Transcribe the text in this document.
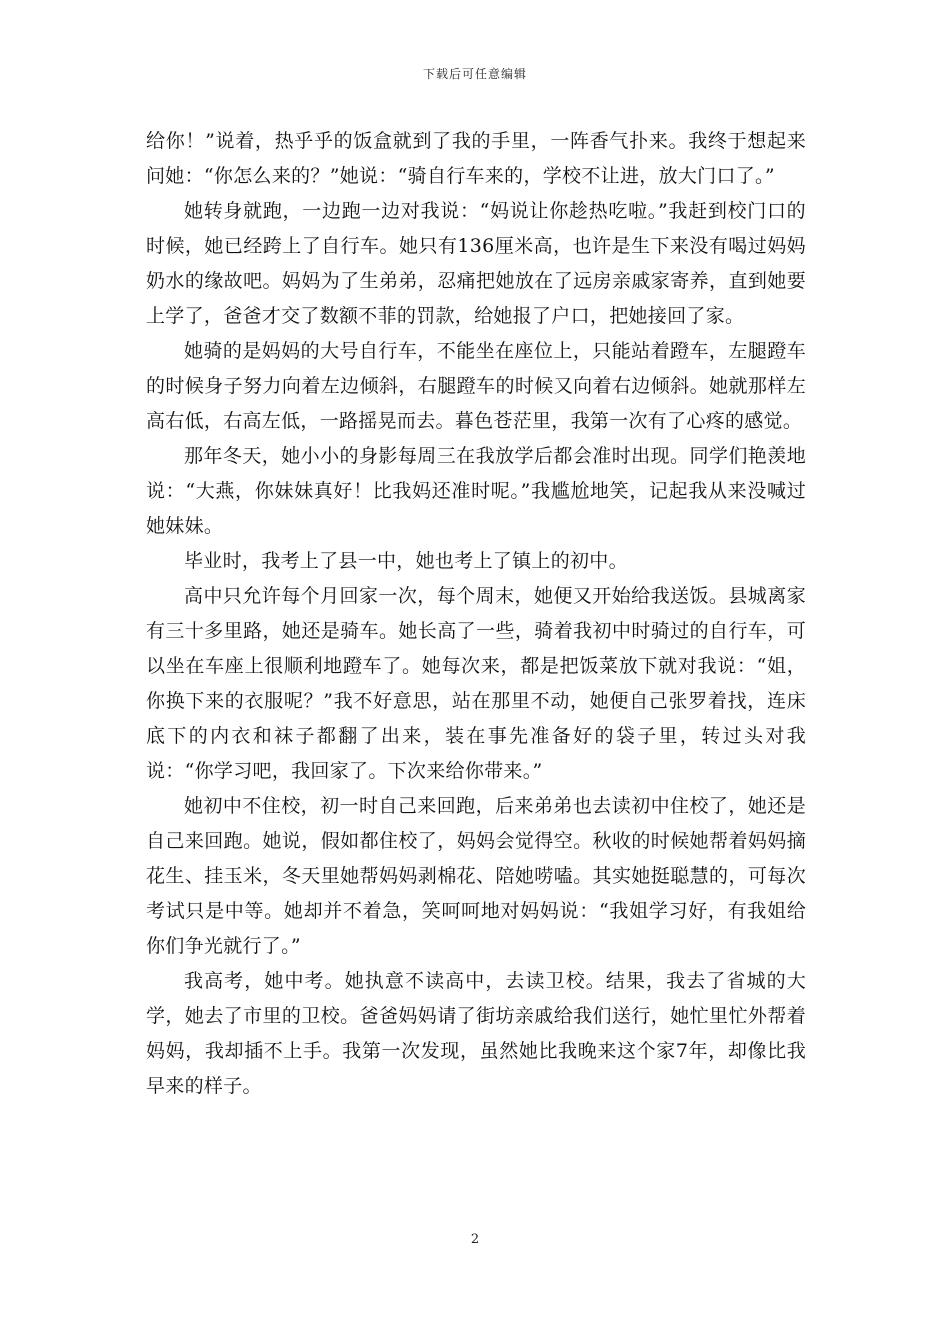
下载后可任意编辑

给你！”说着，热乎乎的饭盒就到了我的手里，一阵香气扑来。我终于想起来问她：“你怎么来的？”她说：“骑自行车来的，学校不让进，放大门口了。”

她转身就跑，一边跑一边对我说：“妈说让你趁热吃啦。”我赶到校门口的时候，她已经跨上了自行车。她只有136厘米高，也许是生下来没有喝过妈妈奶水的缘故吧。妈妈为了生弟弟，忍痛把她放在了远房亲戚家寄养，直到她要上学了，爸爸才交了数额不菲的罚款，给她报了户口，把她接回了家。

她骑的是妈妈的大号自行车，不能坐在座位上，只能站着蹬车，左腿蹬车的时候身子努力向着左边倾斜，右腿蹬车的时候又向着右边倾斜。她就那样左高右低，右高左低，一路摇晃而去。暮色苍茫里，我第一次有了心疼的感觉。

那年冬天，她小小的身影每周三在我放学后都会准时出现。同学们艳羡地说：“大燕，你妹妹真好！比我妈还准时呢。”我尴尬地笑，记起我从来没喊过她妹妹。

毕业时，我考上了县一中，她也考上了镇上的初中。

高中只允许每个月回家一次，每个周末，她便又开始给我送饭。县城离家有三十多里路，她还是骑车。她长高了一些，骑着我初中时骑过的自行车，可以坐在车座上很顺利地蹬车了。她每次来，都是把饭菜放下就对我说：“姐，你换下来的衣服呢？”我不好意思，站在那里不动，她便自己张罗着找，连床底下的内衣和袜子都翻了出来，装在事先准备好的袋子里，转过头对我说：“你学习吧，我回家了。下次来给你带来。”

她初中不住校，初一时自己来回跑，后来弟弟也去读初中住校了，她还是自己来回跑。她说，假如都住校了，妈妈会觉得空。秋收的时候她帮着妈妈摘花生、挂玉米，冬天里她帮妈妈剥棉花、陪她唠嗑。其实她挺聪慧的，可每次考试只是中等。她却并不着急，笑呵呵地对妈妈说：“我姐学习好，有我姐给你们争光就行了。”

我高考，她中考。她执意不读高中，去读卫校。结果，我去了省城的大学，她去了市里的卫校。爸爸妈妈请了街坊亲戚给我们送行，她忙里忙外帮着妈妈，我却插不上手。我第一次发现，虽然她比我晚来这个家7年，却像比我早来的样子。

2
